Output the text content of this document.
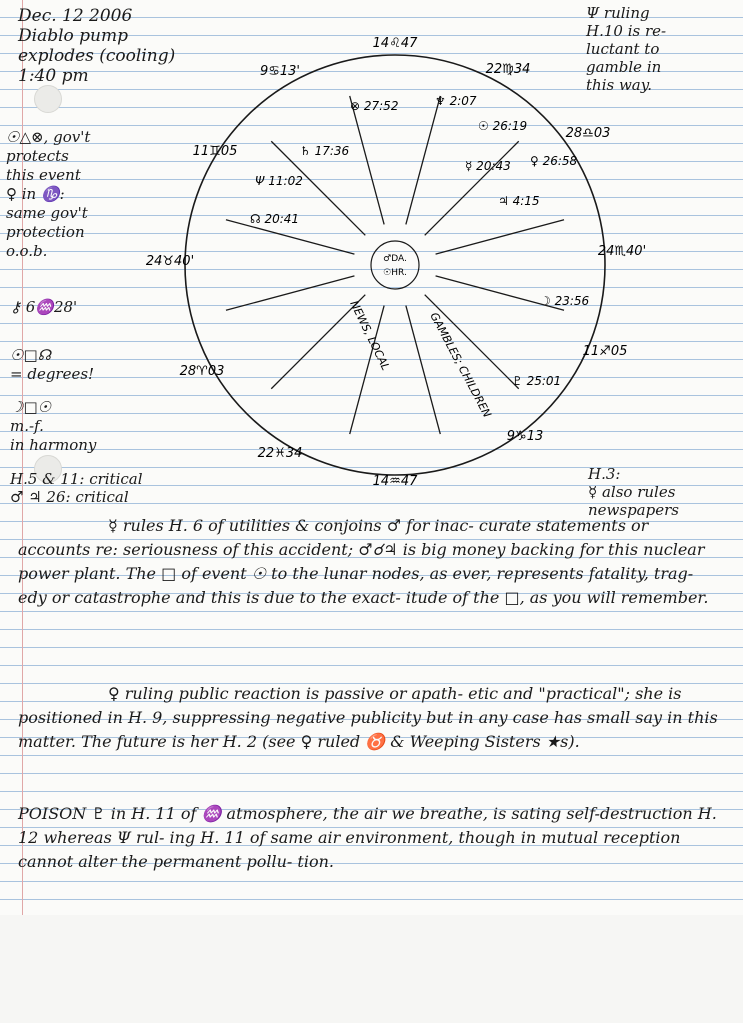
Dec. 12 2006
Diablo pump
explodes (cooling)
1:40 pm

Ψ ruling
H.10 is re-
luctant to
gamble in
this way.

☉△⊗, gov't
protects
this event
♀ in ♑:
same gov't
protection
o.o.b.

⚷ 6♒28'

☉□☊
= degrees!

☽□☉
m.-f.
in harmony

H.5 & 11: critical
♂ ♃ 26: critical

H.3:
☿ also rules
newspapers

♂DA.
☉HR.
14♌47
22♍34
28♎03
24♏40'
11♐05
9♑13
14♒47
22♓34
28♈03
24♉40'
11♊05
9♋13'
⊗ 27:52	♆ 2:07
☉ 26:19
☿ 20:43 ♀ 26:58
♃ 4:15
♄ 17:36
Ψ 11:02
☊ 20:41
☽ 23:56
♇ 25:01
NEWS, LOCAL	GAMBLES; CHILDREN

☿ rules H. 6 of utilities & conjoins ♂ for inac- curate statements or accounts re: seriousness of this accident; ♂☌♃ is big money backing for this nuclear power plant. The □ of event ☉ to the lunar nodes, as ever, represents fatality, trag- edy or catastrophe and this is due to the exact- itude of the □, as you will remember.

♀ ruling public reaction is passive or apath- etic and "practical"; she is positioned in H. 9, suppressing negative publicity but in any case has small say in this matter. The future is her H. 2 (see ♀ ruled ♉ & Weeping Sisters ★s).

POISON ♇ in H. 11 of ♒ atmosphere, the air we breathe, is sating self-destruction H. 12 whereas Ψ rul- ing H. 11 of same air environment, though in mutual reception cannot alter the permanent pollu- tion.
